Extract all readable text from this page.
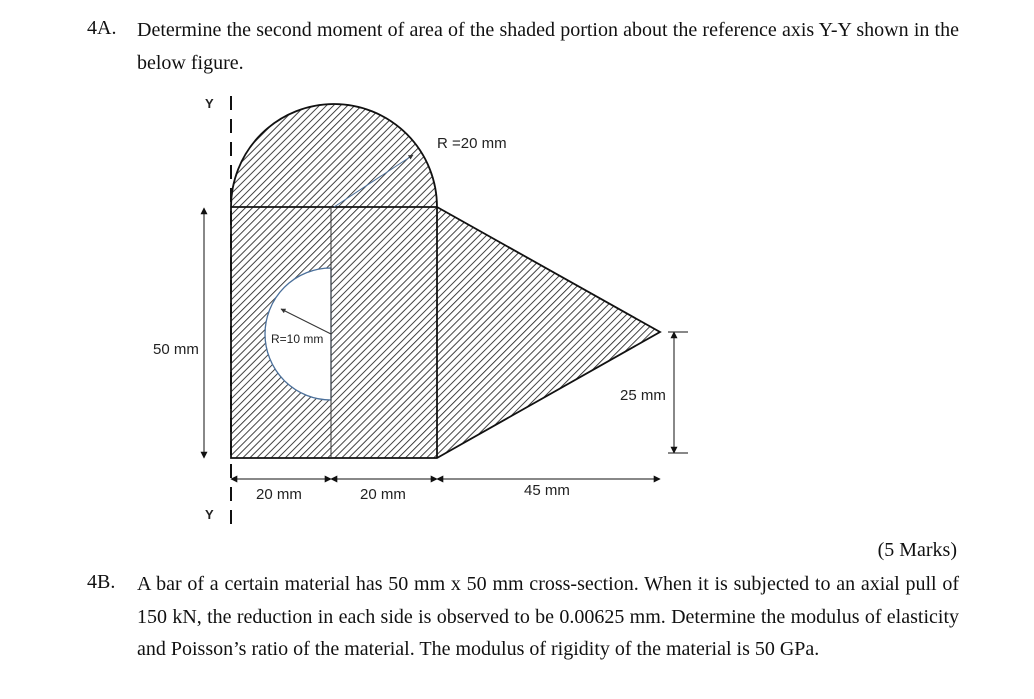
4A. Determine the second moment of area of the shaded portion about the reference axis Y-Y shown in the below figure.
Y
Y
50 mm
25 mm
20 mm	20 mm	45 mm
R =20 mm
R=10 mm
(5 Marks)
4B. A bar of a certain material has 50 mm x 50 mm cross-section. When it is subjected to an axial pull of 150 kN, the reduction in each side is observed to be 0.00625 mm. Determine the modulus of elasticity and Poisson’s ratio of the material. The modulus of rigidity of the material is 50 GPa.
